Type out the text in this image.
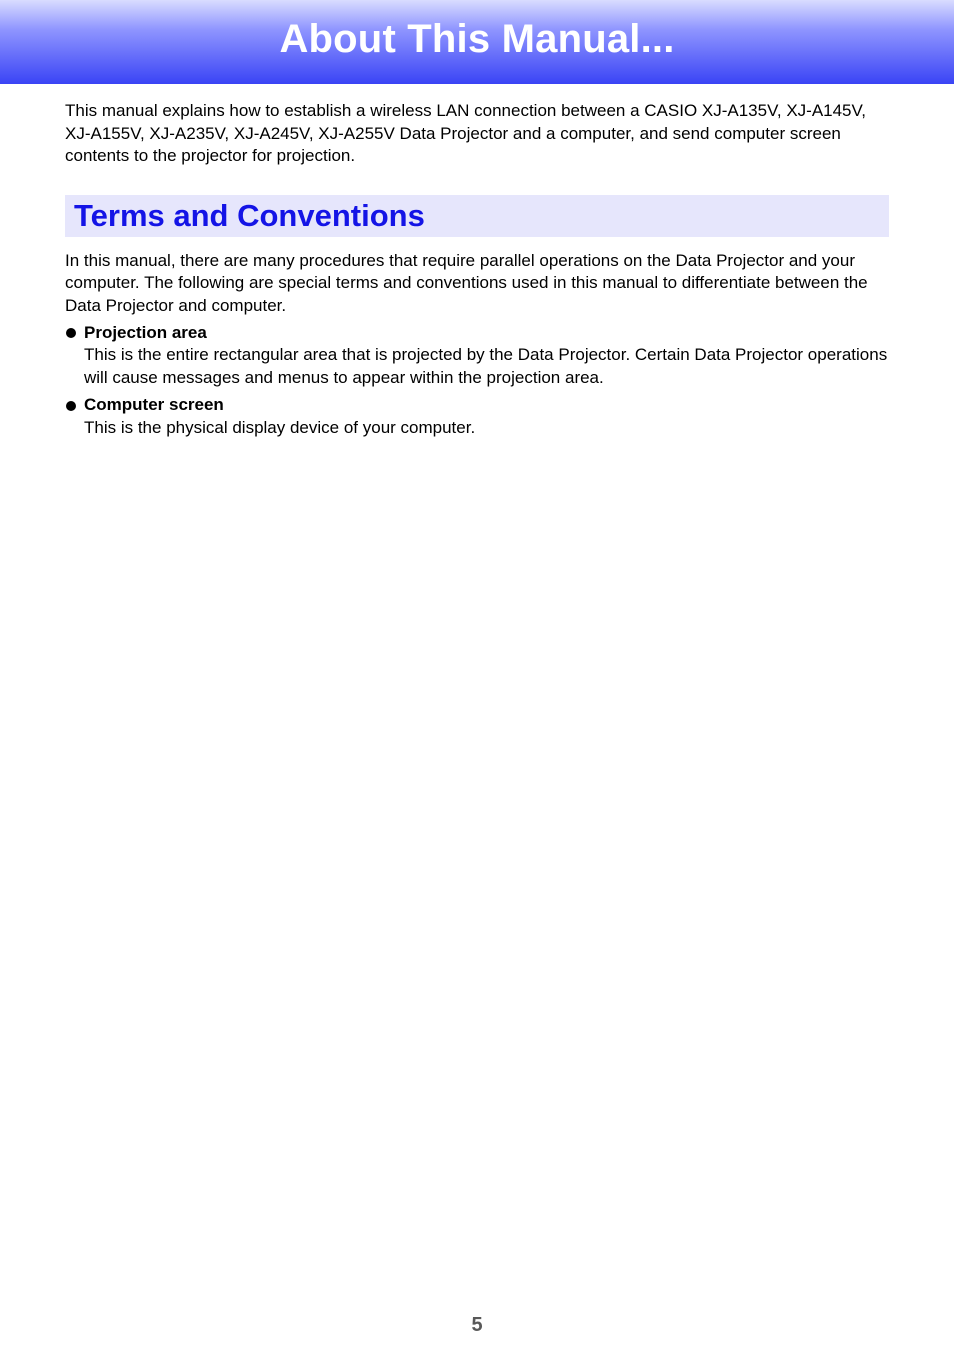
About This Manual...

This manual explains how to establish a wireless LAN connection between a CASIO XJ-A135V, XJ-A145V, XJ-A155V, XJ-A235V, XJ-A245V, XJ-A255V Data Projector and a computer, and send computer screen contents to the projector for projection.

Terms and Conventions

In this manual, there are many procedures that require parallel operations on the Data Projector and your computer. The following are special terms and conventions used in this manual to differentiate between the Data Projector and computer.

Projection area

This is the entire rectangular area that is projected by the Data Projector. Certain Data Projector operations will cause messages and menus to appear within the projection area.

Computer screen

This is the physical display device of your computer.

5
